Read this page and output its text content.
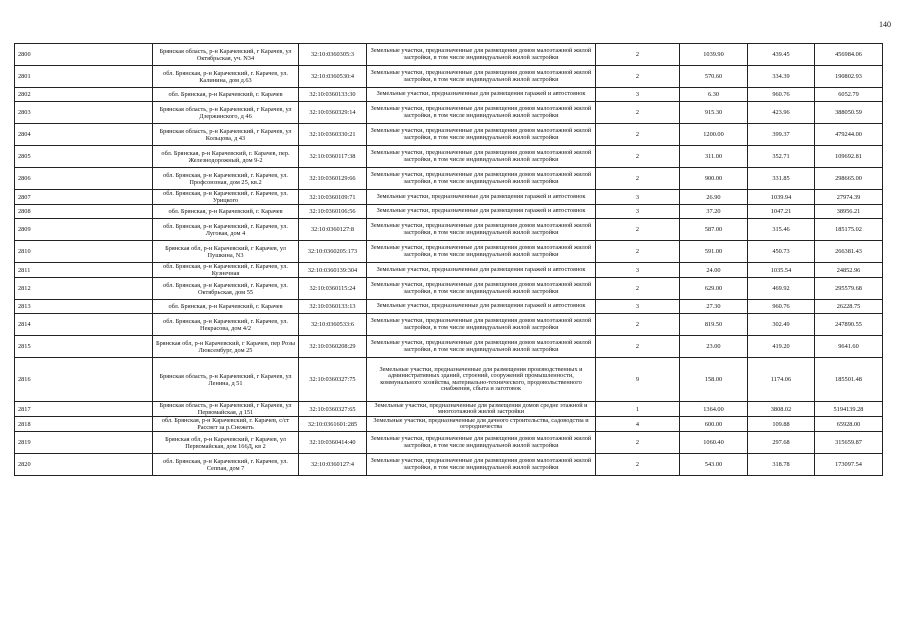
140
2800	Брянская область, р-н Карачевский, г Карачев, ул Октябрьская, уч. N34	32:10:0360305:3	Земельные участки, предназначенные для размещения домов малоэтажной жилой застройки, в том числе индивидуальной жилой застройки	2	1039.90	439.45	456984.06
2801	обл. Брянская, р-н Карачевский, г. Карачев, ул. Калинина, дом д.63	32:10:0360530:4	Земельные участки, предназначенные для размещения домов малоэтажной жилой застройки, в том числе индивидуальной жилой застройки	2	570.60	334.39	190802.93
2802	обл. Брянская, р-н Карачевский, г. Карачев	32:10:0360133:30	Земельные участки, предназначенные для размещения гаражей и автостоянок	3	6.30	960.76	6052.79
2803	Брянская область, р-н Карачевский, г Карачев, ул Дзержинского, д 46	32:10:0360329:14	Земельные участки, предназначенные для размещения домов малоэтажной жилой застройки, в том числе индивидуальной жилой застройки	2	915.30	423.96	388050.59
2804	Брянская область, р-н Карачевский, г Карачев, ул Кольцова, д 43	32:10:0360330:21	Земельные участки, предназначенные для размещения домов малоэтажной жилой застройки, в том числе индивидуальной жилой застройки	2	1200.00	399.37	479244.00
2805	обл. Брянская, р-н Карачевский, г. Карачев, пер. Железнодорожный, дом 9-2	32:10:0360117:38	Земельные участки, предназначенные для размещения домов малоэтажной жилой застройки, в том числе индивидуальной жилой застройки	2	311.00	352.71	109692.81
2806	обл. Брянская, р-н Карачевский, г. Карачев, ул. Профсоюзная, дом 25, кв.2	32:10:0360129:66	Земельные участки, предназначенные для размещения домов малоэтажной жилой застройки, в том числе индивидуальной жилой застройки	2	900.00	331.85	298665.00
2807	обл. Брянская, р-н Карачевский, г. Карачев, ул. Урицкого	32:10:0360109:71	Земельные участки, предназначенные для размещения гаражей и автостоянок	3	26.90	1039.94	27974.39
2808	обл. Брянская, р-н Карачевский, г. Карачев	32:10:0360106:56	Земельные участки, предназначенные для размещения гаражей и автостоянок	3	37.20	1047.21	38956.21
2809	обл. Брянская, р-н Карачевский, г. Карачев, ул. Луговая, дом 4	32:10:0360127:8	Земельные участки, предназначенные для размещения домов малоэтажной жилой застройки, в том числе индивидуальной жилой застройки	2	587.00	315.46	185175.02
2810	Брянская обл, р-н Карачевский, г Карачев, ул Пушкина, N3	32:10:0360205:173	Земельные участки, предназначенные для размещения домов малоэтажной жилой застройки, в том числе индивидуальной жилой застройки	2	591.00	450.73	266381.43
2811	обл. Брянская, р-н Карачевский, г. Карачев, ул. Кузнечная	32:10:0360139:304	Земельные участки, предназначенные для размещения гаражей и автостоянок	3	24.00	1035.54	24852.96
2812	обл. Брянская, р-н Карачевский, г. Карачев, ул. Октябрьская, дом 55	32:10:0360115:24	Земельные участки, предназначенные для размещения домов малоэтажной жилой застройки, в том числе индивидуальной жилой застройки	2	629.00	469.92	295579.68
2813	обл. Брянская, р-н Карачевский, г. Карачев	32:10:0360133:13	Земельные участки, предназначенные для размещения гаражей и автостоянок	3	27.30	960.76	26228.75
2814	обл. Брянская, р-н Карачевский, г. Карачев, ул. Некрасова, дом 4/2	32:10:0360533:6	Земельные участки, предназначенные для размещения домов малоэтажной жилой застройки, в том числе индивидуальной жилой застройки	2	819.50	302.49	247890.55
2815	Брянская обл, р-н Карачевский, г Карачев, пер Розы Люксембург, дом 25	32:10:0360208:29	Земельные участки, предназначенные для размещения домов малоэтажной жилой застройки, в том числе индивидуальной жилой застройки	2	23.00	419.20	9641.60
2816	Брянская область, р-н Карачевский, г Карачев, ул Ленина, д 51	32:10:0360327:75	Земельные участки, предназначенные для размещения производственных и административных зданий, строений, сооружений промышленности, коммунального хозяйства, материально-технического, продовольственного снабжения, сбыта и заготовок	9	158.00	1174.06	185501.48
2817	Брянская область, р-н Карачевский, г Карачев, ул Первомайская, д 151	32:10:0360327:65	Земельные участки, предназначенные для размещения домов средне этажной и многоэтажной жилой застройки	1	1364.00	3808.02	5194139.28
2818	обл. Брянская, р-н Карачевский, г. Карачев, с/ст Рассвет за р.Снежеть	32:10:0361601:285	Земельные участки, предназначенные для дачного строительства, садоводства и огородничества	4	600.00	109.88	65928.00
2819	Брянская обл, р-н Карачевский, г Карачев, ул Первомайская, дом 166Д, кв 2	32:10:0360414:40	Земельные участки, предназначенные для размещения домов малоэтажной жилой застройки, в том числе индивидуальной жилой застройки	2	1060.40	297.68	315659.87
2820	обл. Брянская, р-н Карачевский, г. Карачев, ул. Сеппая, дом 7	32:10:0360127:4	Земельные участки, предназначенные для размещения домов малоэтажной жилой застройки, в том числе индивидуальной жилой застройки	2	543.00	318.78	173097.54
